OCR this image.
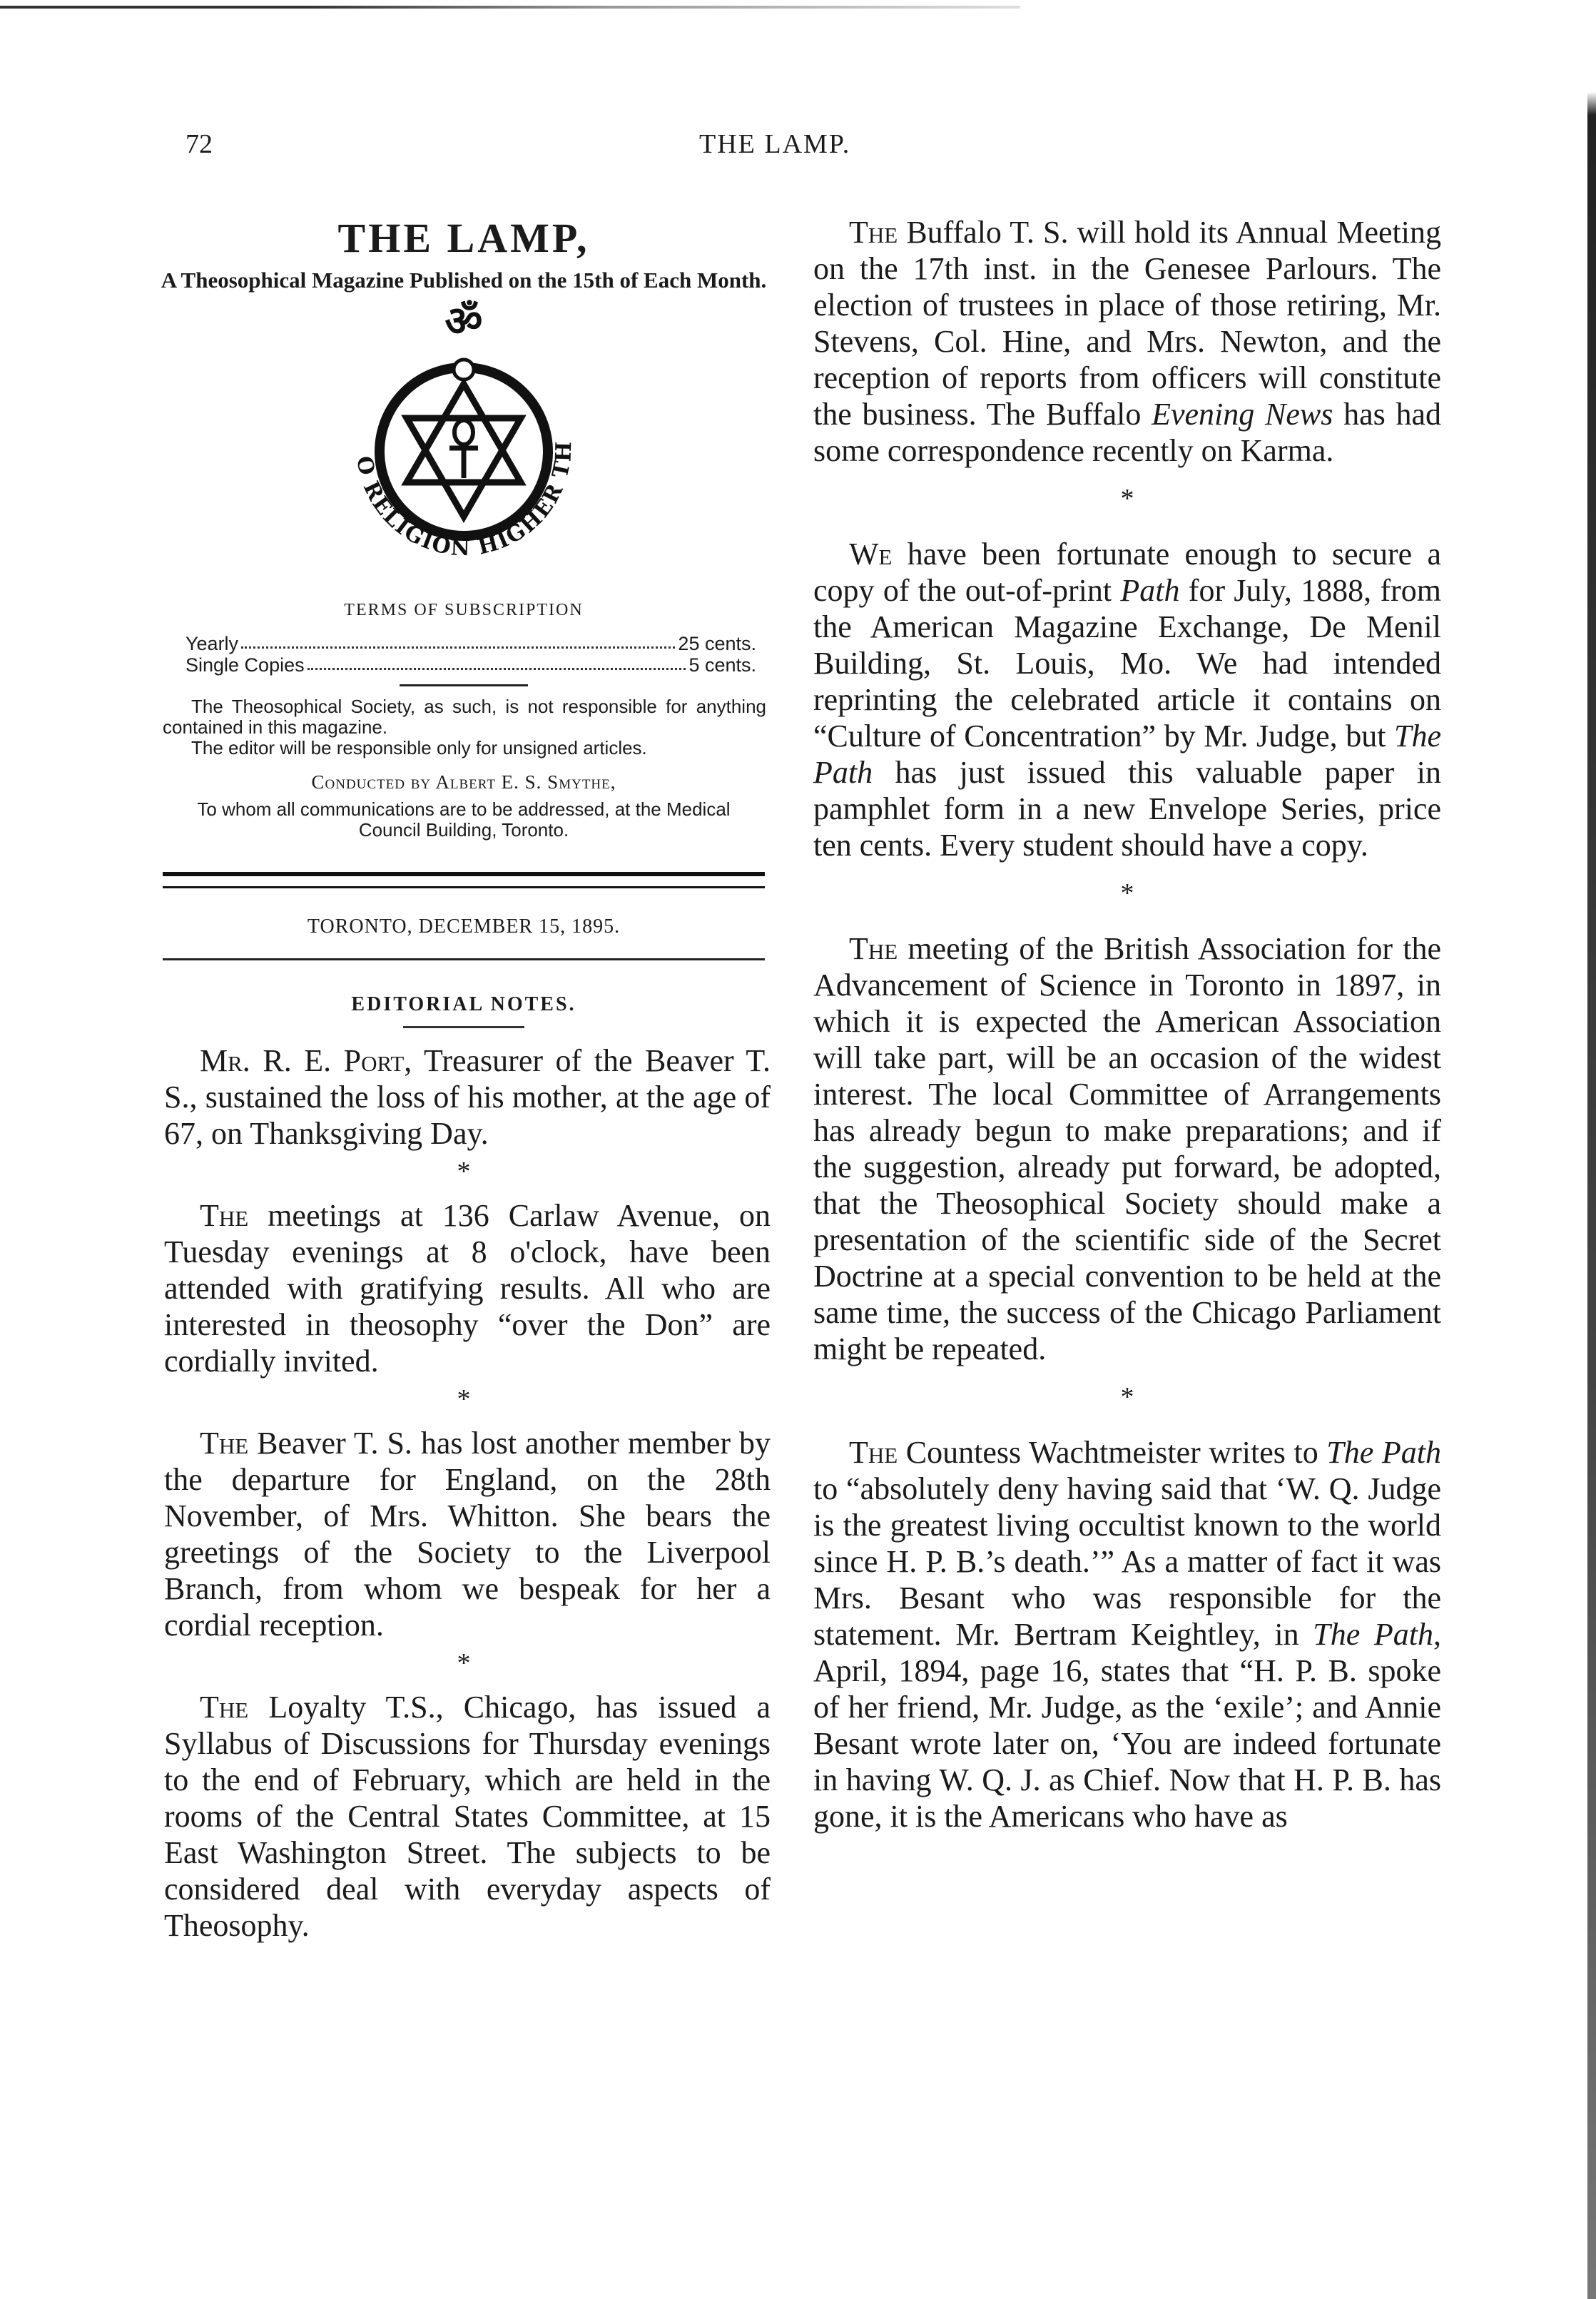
72	THE LAMP.
THE LAMP,
A Theosophical Magazine Published on the 15th of Each Month.
ॐ
O RELIGION HIGHER TH
TERMS OF SUBSCRIPTION
Yearly	25 cents.
Single Copies	5 cents.

The Theosophical Society, as such, is not responsible for anything contained in this magazine.

The editor will be responsible only for unsigned articles.

Conducted by Albert E. S. Smythe,
To whom all communications are to be addressed, at the Medical Council Building, Toronto.
TORONTO, DECEMBER 15, 1895.
EDITORIAL NOTES.

Mr. R. E. Port, Treasurer of the Beaver T. S., sustained the loss of his mother, at the age of 67, on Thanksgiving Day.

*

The meetings at 136 Carlaw Avenue, on Tuesday evenings at 8 o'clock, have been attended with gratifying results. All who are interested in theosophy “over the Don” are cordially invited.

*

The Beaver T. S. has lost another member by the departure for England, on the 28th November, of Mrs. Whitton. She bears the greetings of the Society to the Liverpool Branch, from whom we bespeak for her a cordial reception.

*

The Loyalty T.S., Chicago, has issued a Syllabus of Discussions for Thursday evenings to the end of February, which are held in the rooms of the Central States Committee, at 15 East Washington Street. The subjects to be considered deal with everyday aspects of Theosophy.

The Buffalo T. S. will hold its Annual Meeting on the 17th inst. in the Genesee Parlours. The election of trustees in place of those retiring, Mr. Stevens, Col. Hine, and Mrs. Newton, and the reception of reports from officers will constitute the business. The Buffalo Evening News has had some correspondence recently on Karma.

*

We have been fortunate enough to secure a copy of the out-of-print Path for July, 1888, from the American Magazine Exchange, De Menil Building, St. Louis, Mo. We had intended reprinting the celebrated article it contains on “Culture of Concentration” by Mr. Judge, but The Path has just issued this valuable paper in pamphlet form in a new Envelope Series, price ten cents. Every student should have a copy.

*

The meeting of the British Association for the Advancement of Science in Toronto in 1897, in which it is expected the American Association will take part, will be an occasion of the widest interest. The local Committee of Arrangements has already begun to make preparations; and if the suggestion, already put forward, be adopted, that the Theosophical Society should make a presentation of the scientific side of the Secret Doctrine at a special convention to be held at the same time, the success of the Chicago Parliament might be repeated.

*

The Countess Wachtmeister writes to The Path to “absolutely deny having said that ‘W. Q. Judge is the greatest living occultist known to the world since H. P. B.’s death.’” As a matter of fact it was Mrs. Besant who was responsible for the statement. Mr. Bertram Keightley, in The Path, April, 1894, page 16, states that “H. P. B. spoke of her friend, Mr. Judge, as the ‘exile’; and Annie Besant wrote later on, ‘You are indeed fortunate in having W. Q. J. as Chief. Now that H. P. B. has gone, it is the Americans who have as
